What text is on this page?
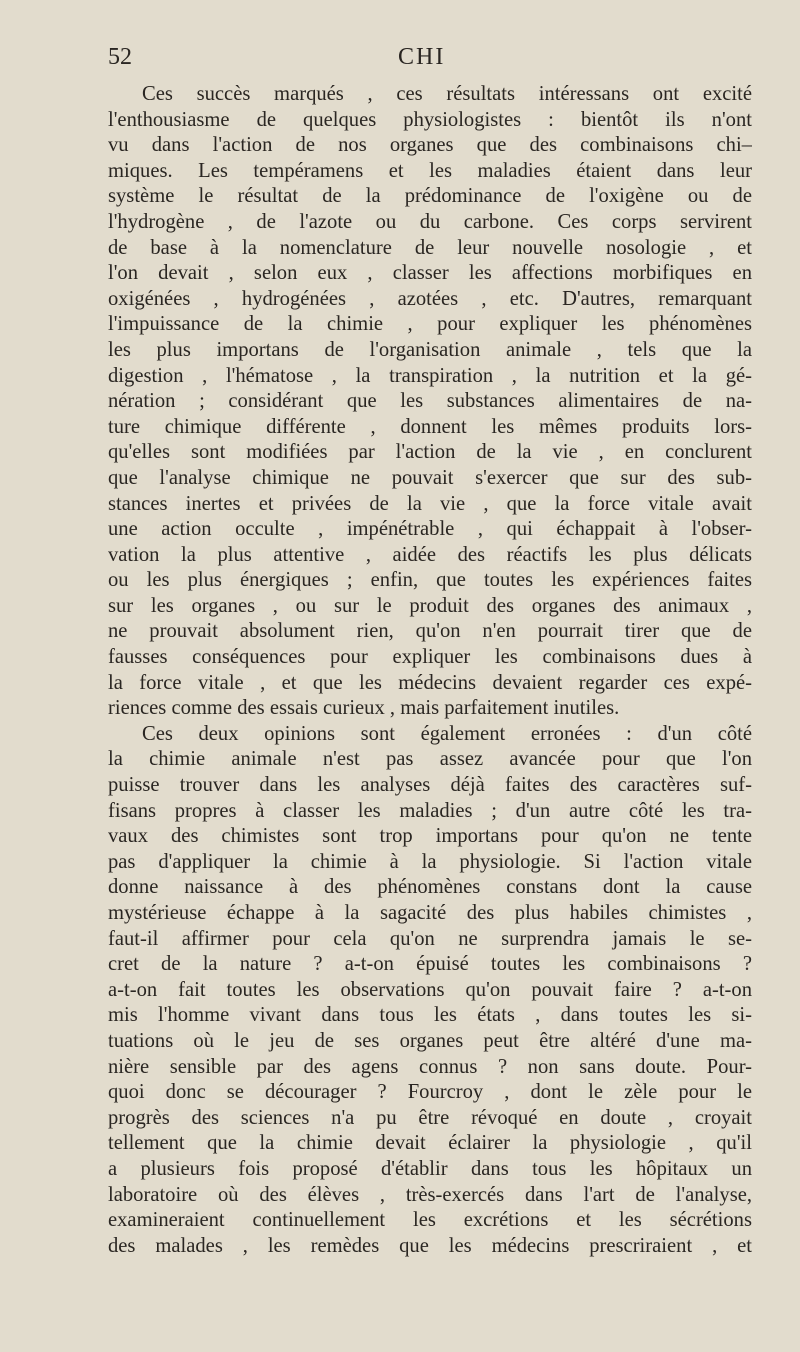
52	CHI
Ces succès marqués , ces résultats intéressans ont excité
l'enthousiasme de quelques physiologistes : bientôt ils n'ont
vu dans l'action de nos organes que des combinaisons chi–
miques. Les tempéramens et les maladies étaient dans leur
système le résultat de la prédominance de l'oxigène ou de
l'hydrogène , de l'azote ou du carbone. Ces corps servirent
de base à la nomenclature de leur nouvelle nosologie , et
l'on devait , selon eux , classer les affections morbifiques en
oxigénées , hydrogénées , azotées , etc. D'autres, remarquant
l'impuissance de la chimie , pour expliquer les phénomènes
les plus importans de l'organisation animale , tels que la
digestion , l'hématose , la transpiration , la nutrition et la gé-
nération ; considérant que les substances alimentaires de na-
ture chimique différente , donnent les mêmes produits lors-
qu'elles sont modifiées par l'action de la vie , en conclurent
que l'analyse chimique ne pouvait s'exercer que sur des sub-
stances inertes et privées de la vie , que la force vitale avait
une action occulte , impénétrable , qui échappait à l'obser-
vation la plus attentive , aidée des réactifs les plus délicats
ou les plus énergiques ; enfin, que toutes les expériences faites
sur les organes , ou sur le produit des organes des animaux ,
ne prouvait absolument rien, qu'on n'en pourrait tirer que de
fausses conséquences pour expliquer les combinaisons dues à
la force vitale , et que les médecins devaient regarder ces expé-
riences comme des essais curieux , mais parfaitement inutiles.
Ces deux opinions sont également erronées : d'un côté
la chimie animale n'est pas assez avancée pour que l'on
puisse trouver dans les analyses déjà faites des caractères suf-
fisans propres à classer les maladies ; d'un autre côté les tra-
vaux des chimistes sont trop importans pour qu'on ne tente
pas d'appliquer la chimie à la physiologie. Si l'action vitale
donne naissance à des phénomènes constans dont la cause
mystérieuse échappe à la sagacité des plus habiles chimistes ,
faut-il affirmer pour cela qu'on ne surprendra jamais le se-
cret de la nature ? a-t-on épuisé toutes les combinaisons ?
a-t-on fait toutes les observations qu'on pouvait faire ? a-t-on
mis l'homme vivant dans tous les états , dans toutes les si-
tuations où le jeu de ses organes peut être altéré d'une ma-
nière sensible par des agens connus ? non sans doute. Pour-
quoi donc se décourager ? Fourcroy , dont le zèle pour le
progrès des sciences n'a pu être révoqué en doute , croyait
tellement que la chimie devait éclairer la physiologie , qu'il
a plusieurs fois proposé d'établir dans tous les hôpitaux un
laboratoire où des élèves , très-exercés dans l'art de l'analyse,
examineraient continuellement les excrétions et les sécrétions
des malades , les remèdes que les médecins prescriraient , et
